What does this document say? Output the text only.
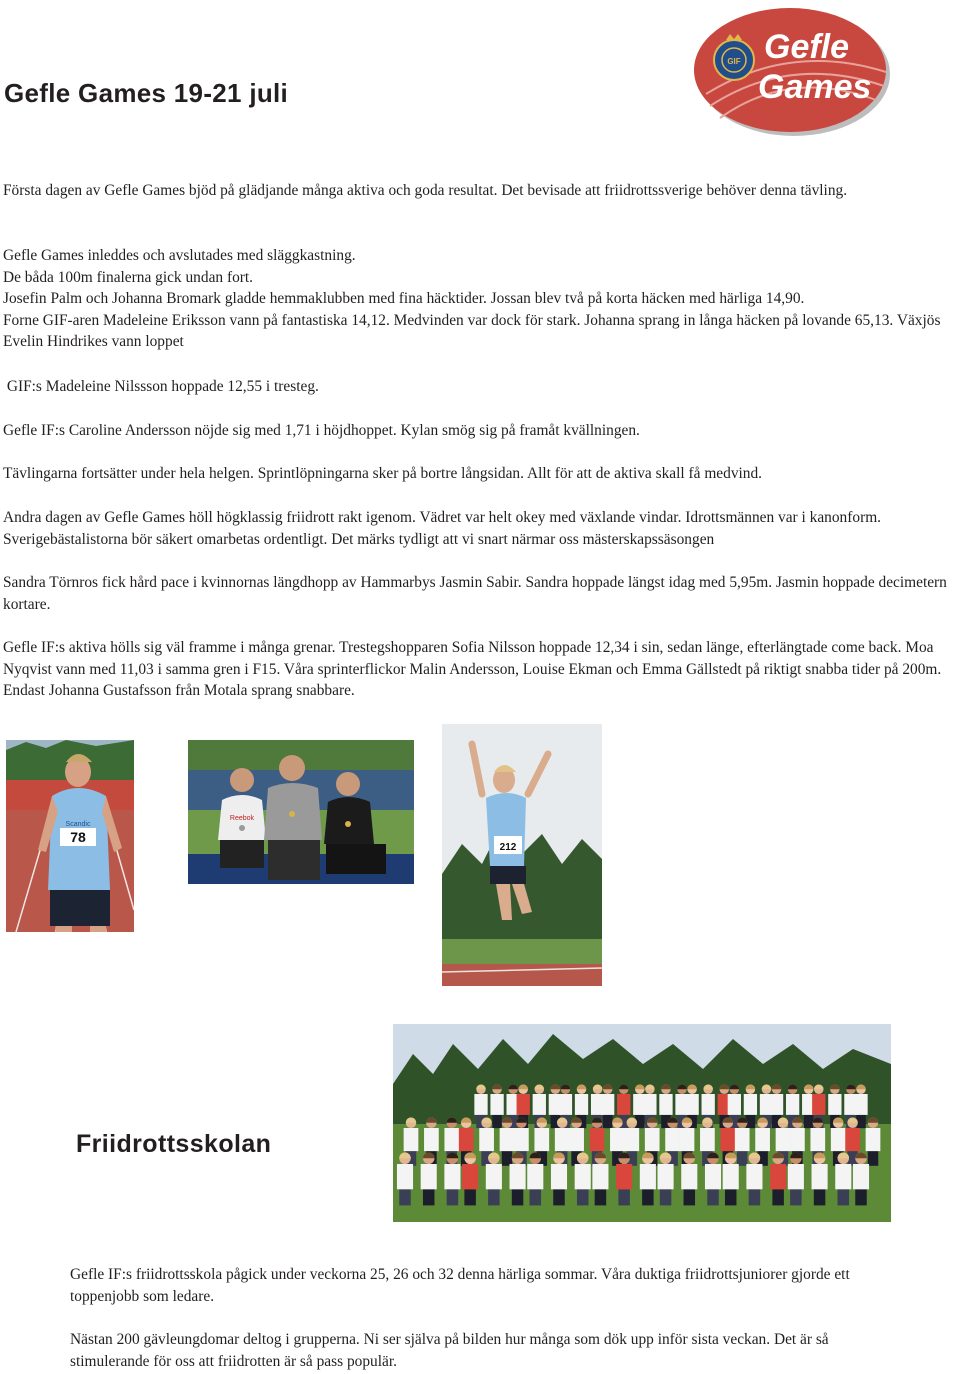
Gefle Games 19-21 juli
GIF Gefle
Games

Första dagen av Gefle Games bjöd på glädjande många aktiva och goda resultat. Det bevisade att friidrottssverige behöver denna tävling.

Gefle Games inleddes och avslutades med släggkastning.

De båda 100m finalerna gick undan fort.

Josefin Palm och Johanna Bromark gladde hemmaklubben med fina häcktider. Jossan blev två på korta häcken med härliga 14,90.

Forne GIF-aren Madeleine Eriksson vann på fantastiska 14,12. Medvinden var dock för stark. Johanna sprang in långa häcken på lovande 65,13. Växjös Evelin Hindrikes vann loppet

GIF:s Madeleine Nilssson hoppade 12,55 i tresteg.

Gefle IF:s Caroline Andersson nöjde sig med 1,71 i höjdhoppet. Kylan smög sig på framåt kvällningen.

Tävlingarna fortsätter under hela helgen. Sprintlöpningarna sker på bortre långsidan. Allt för att de aktiva skall få medvind.

Andra dagen av Gefle Games höll högklassig friidrott rakt igenom. Vädret var helt okey med växlande vindar. Idrottsmännen var i kanonform. Sverigebästalistorna bör säkert omarbetas ordentligt. Det märks tydligt att vi snart närmar oss mästerskapssäsongen

Sandra Törnros fick hård pace i kvinnornas längdhopp av Hammarbys Jasmin Sabir. Sandra hoppade längst idag med 5,95m. Jasmin hoppade decimetern kortare.

Gefle IF:s aktiva hölls sig väl framme i många grenar. Trestegshopparen Sofia Nilsson hoppade 12,34 i sin, sedan länge, efterlängtade come back. Moa Nyqvist vann med 11,03 i samma gren i F15. Våra sprinterflickor Malin Andersson, Louise Ekman och Emma Gällstedt på riktigt snabba tider på 200m. Endast Johanna Gustafsson från Motala sprang snabbare.

Scandic
78
Reebok
212
Friidrottsskolan

Gefle IF:s friidrottsskola pågick under veckorna 25, 26 och 32 denna härliga sommar. Våra duktiga friidrottsjuniorer gjorde ett toppenjobb som ledare.

Nästan 200 gävleungdomar deltog i grupperna. Ni ser själva på bilden hur många som dök upp inför sista veckan. Det är så stimulerande för oss att friidrotten är så pass populär.
